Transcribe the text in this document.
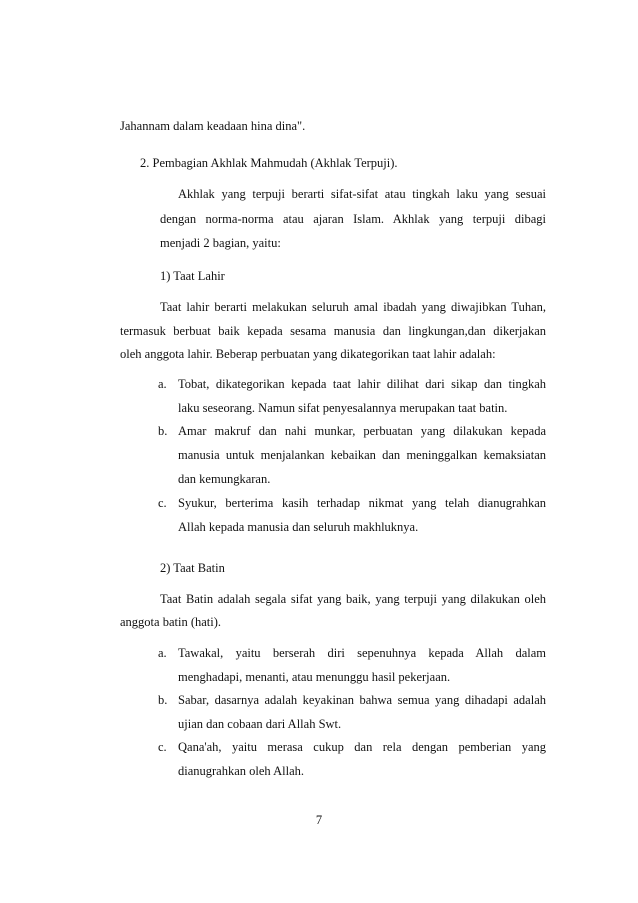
Jahannam dalam keadaan hina dina".
2. Pembagian Akhlak Mahmudah (Akhlak Terpuji).
Akhlak yang terpuji berarti sifat-sifat atau tingkah laku yang sesuai
dengan norma-norma atau ajaran Islam. Akhlak yang terpuji dibagi
menjadi 2 bagian, yaitu:
1) Taat Lahir
Taat lahir berarti melakukan seluruh amal ibadah yang diwajibkan Tuhan,
termasuk berbuat baik kepada sesama manusia dan lingkungan,dan dikerjakan
oleh anggota lahir. Beberap perbuatan yang dikategorikan taat lahir adalah:
a. Tobat, dikategorikan kepada taat lahir dilihat dari sikap dan tingkah
laku seseorang. Namun sifat penyesalannya merupakan taat batin.
b. Amar makruf dan nahi munkar, perbuatan yang dilakukan kepada
manusia untuk menjalankan kebaikan dan meninggalkan kemaksiatan
dan kemungkaran.
c. Syukur, berterima kasih terhadap nikmat yang telah dianugrahkan
Allah kepada manusia dan seluruh makhluknya.
2) Taat Batin
Taat Batin adalah segala sifat yang baik, yang terpuji yang dilakukan oleh
anggota batin (hati).
a. Tawakal, yaitu berserah diri sepenuhnya kepada Allah dalam
menghadapi, menanti, atau menunggu hasil pekerjaan.
b. Sabar, dasarnya adalah keyakinan bahwa semua yang dihadapi adalah
ujian dan cobaan dari Allah Swt.
c. Qana'ah, yaitu merasa cukup dan rela dengan pemberian yang
dianugrahkan oleh Allah.
7
